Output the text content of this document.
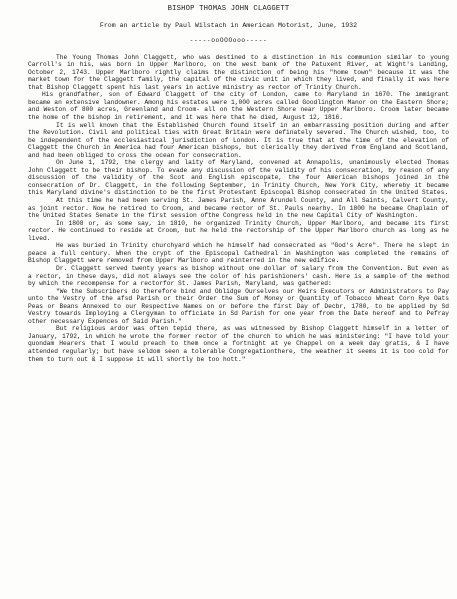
BISHOP THOMAS JOHN CLAGGETT
From an article by Paul Wilstach in American Motorist, June, 1932
-----ooOOOooo-----

The Young Thomas John Claggett, who was destined to a distinction in his communion similar to young Carroll's in his, was born in Upper Marlboro, on the west bank of the Patuxent River, at Wight's Landing, October 2, 1743. Upper Marlboro rightly claims the distinction of being his "home town" because it was the market town for the Claggett family, the capital of the civic unit in which they lived, and finally it was here that Bishop Claggett spent his last years in active ministry as rector of Trinity Church.

His grandfather, son of Edward Claggett of the city of London, came to Maryland in 1670. The immigrant became an extensive landowner. Among his estates were 1,000 acres called Goodlington Manor on the Eastern Shore; and Weston of 800 acres, Greenland and Croom- all on the Western Shore near Upper Marlboro. Croom later became the home of the bishop in retirement, and it was here that he died, August 12, 1816.

It is well known that the Established Church found itself in an embarrassing position during and after the Revolution. Civil and political ties with Great Britain were definately severed. The Church wished, too, to be independent of the ecclesiastical jurisdiction of London. It is true that at the time of the elevation of Claggett the Church in America had four American bishops, but clerically they derived from England and Scotland, and had been obliged to cross the ocean for consecration.

On June 1, 1792, the clergy and laity of Maryland, convened at Annapolis, unanimously elected Thomas John Claggett to be their bishop. To evade any discussion of the validity of his consecration, by reason of any discussion of the validity of the Scot and English episcopate, the four American bishops joined in the consecration of Dr. Claggett, in the following September, in Trinity Church, New York City, whereby it became this Maryland divine's distinction to be the first Protestant Episcopal Bishop consecrated in the United States.

At this time he had been serving St. James Parish, Anne Arundel County, and All Saints, Calvert County, as joint rector. Now he retired to Croom, and became rector of St. Pauls nearby. In 1800 he became Chaplain of the United States Senate in the first session ofthe Congress held in the new Capital City of Washington.

In 1808 or, as some say, in 1810, he organized Trinity Church, Upper Marlboro, and became its first rector. He continued to reside at Croom, but he held the rectorship of the Upper Marlboro church as long as he lived.

He was buried in Trinity churchyard which he himself had consecrated as "God's Acre". There he slept in peace a full century. When the crypt of the Episcopal Cathedral in Washington was completed the remains of Bishop Claggett were removed from Upper Marlboro and reinterred in the new edifice.

Dr. Claggett served twenty years as bishop without one dollar of salary from the Convention. But even as a rector, in these days, did not always see the color of his parishioners' cash. Here is a sample of the method by which the recompense for a rectorfor St. James Parish, Maryland, was gathered:

"We the Subscribers do therefore bind and Oblidge Ourselves our Heirs Executors or Administrators to Pay unto the Vestry of the afsd Parish or their Order the Sum of Money or Quantity of Tobacco Wheat Corn Rye Oats Peas or Beans Annexed to our Respective Names on or before the first Day of Decbr, 1780, to be applied by Sd Vestry towards Imploying a Clergyman to officiate in Sd Parish for one year from the Date hereof and to Pefray other necessary Expences of Said Parish."

But religious ardor was often tepid there, as was witnessed by Bishop Claggett himself in a letter of January, 1792, in which he wrote the former rector of the church to which he was ministering: "I have told your quondam Hearers that I would preach to them once a fortnight at ye Chappel on a week day gratis, & I have attended regularly; but have seldom seen a tolerable Congregationthere, the weather it seems it is too cold for them to turn out & I suppose it will shortly be too hott."
